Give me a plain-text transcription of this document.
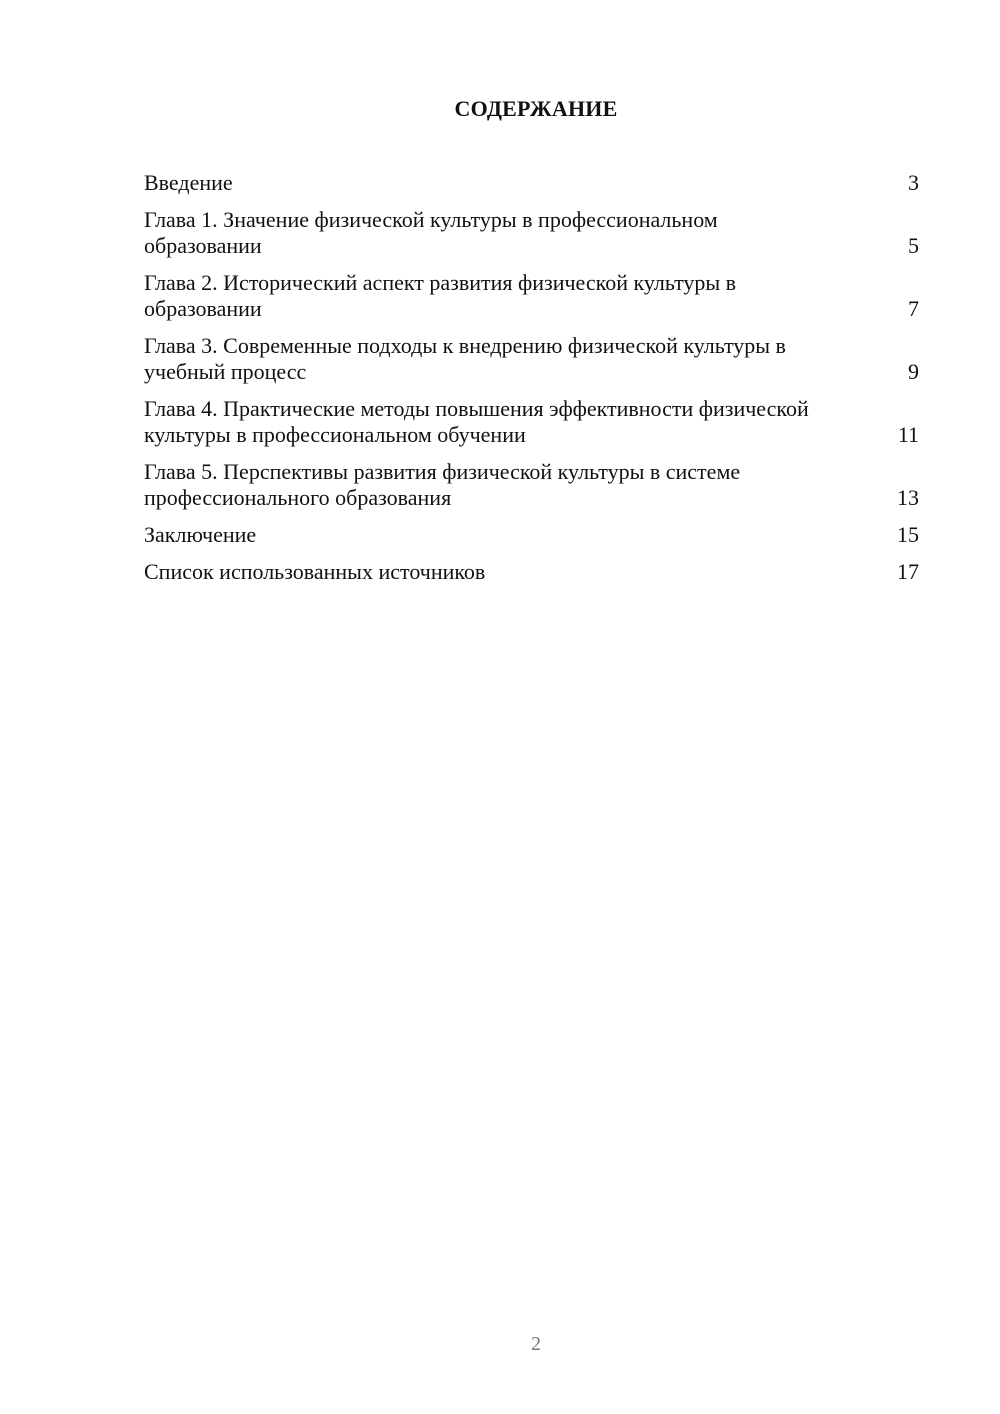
СОДЕРЖАНИЕ
Введение	3
Глава 1. Значение физической культуры в профессиональном образовании	5
Глава 2. Исторический аспект развития физической культуры в образовании	7
Глава 3. Современные подходы к внедрению физической культуры в учебный процесс	9
Глава 4. Практические методы повышения эффективности физической культуры в профессиональном обучении	11
Глава 5. Перспективы развития физической культуры в системе профессионального образования	13
Заключение	15
Список использованных источников	17
2
